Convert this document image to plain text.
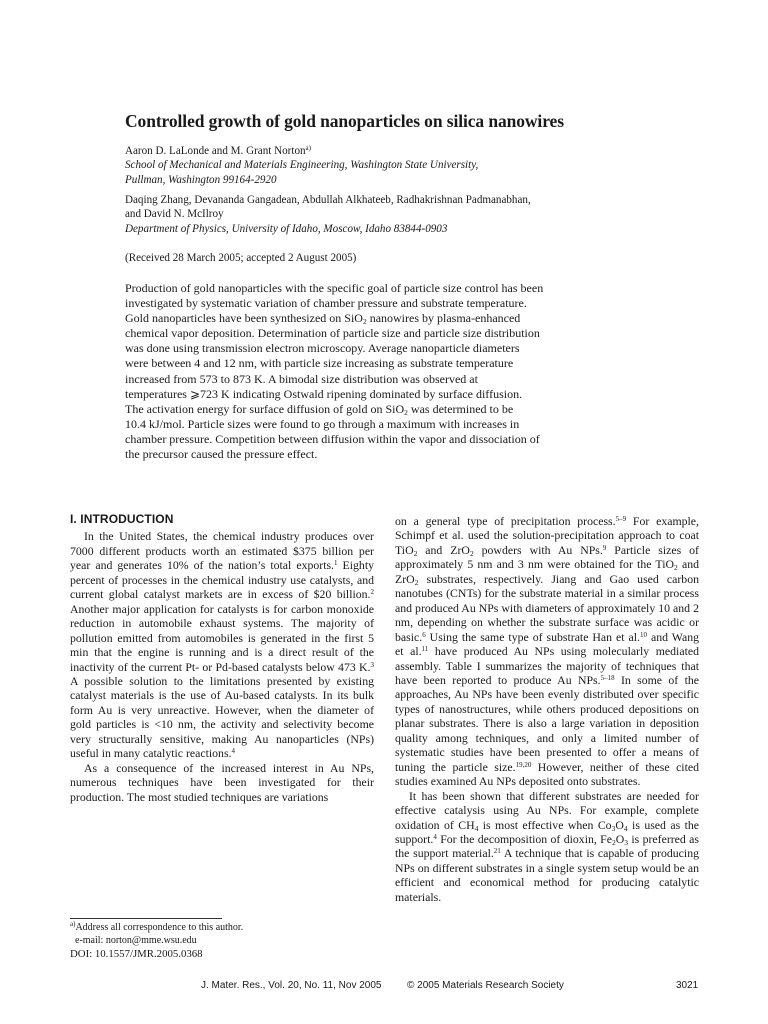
Controlled growth of gold nanoparticles on silica nanowires
Aaron D. LaLonde and M. Grant Norton$^{a)}$
School of Mechanical and Materials Engineering, Washington State University,
Pullman, Washington 99164-2920
Daqing Zhang, Devananda Gangadean, Abdullah Alkhateeb, Radhakrishnan Padmanabhan,
and David N. McIlroy
Department of Physics, University of Idaho, Moscow, Idaho 83844-0903
(Received 28 March 2005; accepted 2 August 2005)
Production of gold nanoparticles with the specific goal of particle size control has been
investigated by systematic variation of chamber pressure and substrate temperature.
Gold nanoparticles have been synthesized on SiO$_2$ nanowires by plasma-enhanced
chemical vapor deposition. Determination of particle size and particle size distribution
was done using transmission electron microscopy. Average nanoparticle diameters
were between 4 and 12 nm, with particle size increasing as substrate temperature
increased from 573 to 873 K. A bimodal size distribution was observed at
temperatures ⩾723 K indicating Ostwald ripening dominated by surface diffusion.
The activation energy for surface diffusion of gold on SiO$_2$ was determined to be
10.4 kJ/mol. Particle sizes were found to go through a maximum with increases in
chamber pressure. Competition between diffusion within the vapor and dissociation of
the precursor caused the pressure effect.
I. INTRODUCTION

In the United States, the chemical industry produces over 7000 different products worth an estimated $375 billion per year and generates 10% of the nation’s total exports.$^1$ Eighty percent of processes in the chemical industry use catalysts, and current global catalyst markets are in excess of $20 billion.$^2$ Another major application for catalysts is for carbon monoxide reduction in automobile exhaust systems. The majority of pollution emitted from automobiles is generated in the first 5 min that the engine is running and is a direct result of the inactivity of the current Pt- or Pd-based catalysts below 473 K.$^3$ A possible solution to the limitations presented by existing catalyst materials is the use of Au-based catalysts. In its bulk form Au is very unreactive. However, when the diameter of gold particles is <10 nm, the activity and selectivity become very structurally sensitive, making Au nanoparticles (NPs) useful in many catalytic reactions.$^4$

As a consequence of the increased interest in Au NPs, numerous techniques have been investigated for their production. The most studied techniques are variations

on a general type of precipitation process.$^{5-9}$ For example, Schimpf et al. used the solution-precipitation approach to coat TiO$_2$ and ZrO$_2$ powders with Au NPs.$^9$ Particle sizes of approximately 5 nm and 3 nm were obtained for the TiO$_2$ and ZrO$_2$ substrates, respectively. Jiang and Gao used carbon nanotubes (CNTs) for the substrate material in a similar process and produced Au NPs with diameters of approximately 10 and 2 nm, depending on whether the substrate surface was acidic or basic.$^6$ Using the same type of substrate Han et al.$^{10}$ and Wang et al.$^{11}$ have produced Au NPs using molecularly mediated assembly. Table I summarizes the majority of techniques that have been reported to produce Au NPs.$^{5-18}$ In some of the approaches, Au NPs have been evenly distributed over specific types of nanostructures, while others produced depositions on planar substrates. There is also a large variation in deposition quality among techniques, and only a limited number of systematic studies have been presented to offer a means of tuning the particle size.$^{19,20}$ However, neither of these cited studies examined Au NPs deposited onto substrates.

It has been shown that different substrates are needed for effective catalysis using Au NPs. For example, complete oxidation of $CH_4$ is most effective when $Co_3O_4$ is used as the support.$^4$ For the decomposition of dioxin, $Fe_2O_3$ is preferred as the support material.$^{21}$ A technique that is capable of producing NPs on different substrates in a single system setup would be an efficient and economical method for producing catalytic materials.

$^{a)}$Address all correspondence to this author.
e-mail: norton@mme.wsu.edu
DOI: 10.1557/JMR.2005.0368
J. Mater. Res., Vol. 20, No. 11, Nov 2005	© 2005 Materials Research Society	3021
